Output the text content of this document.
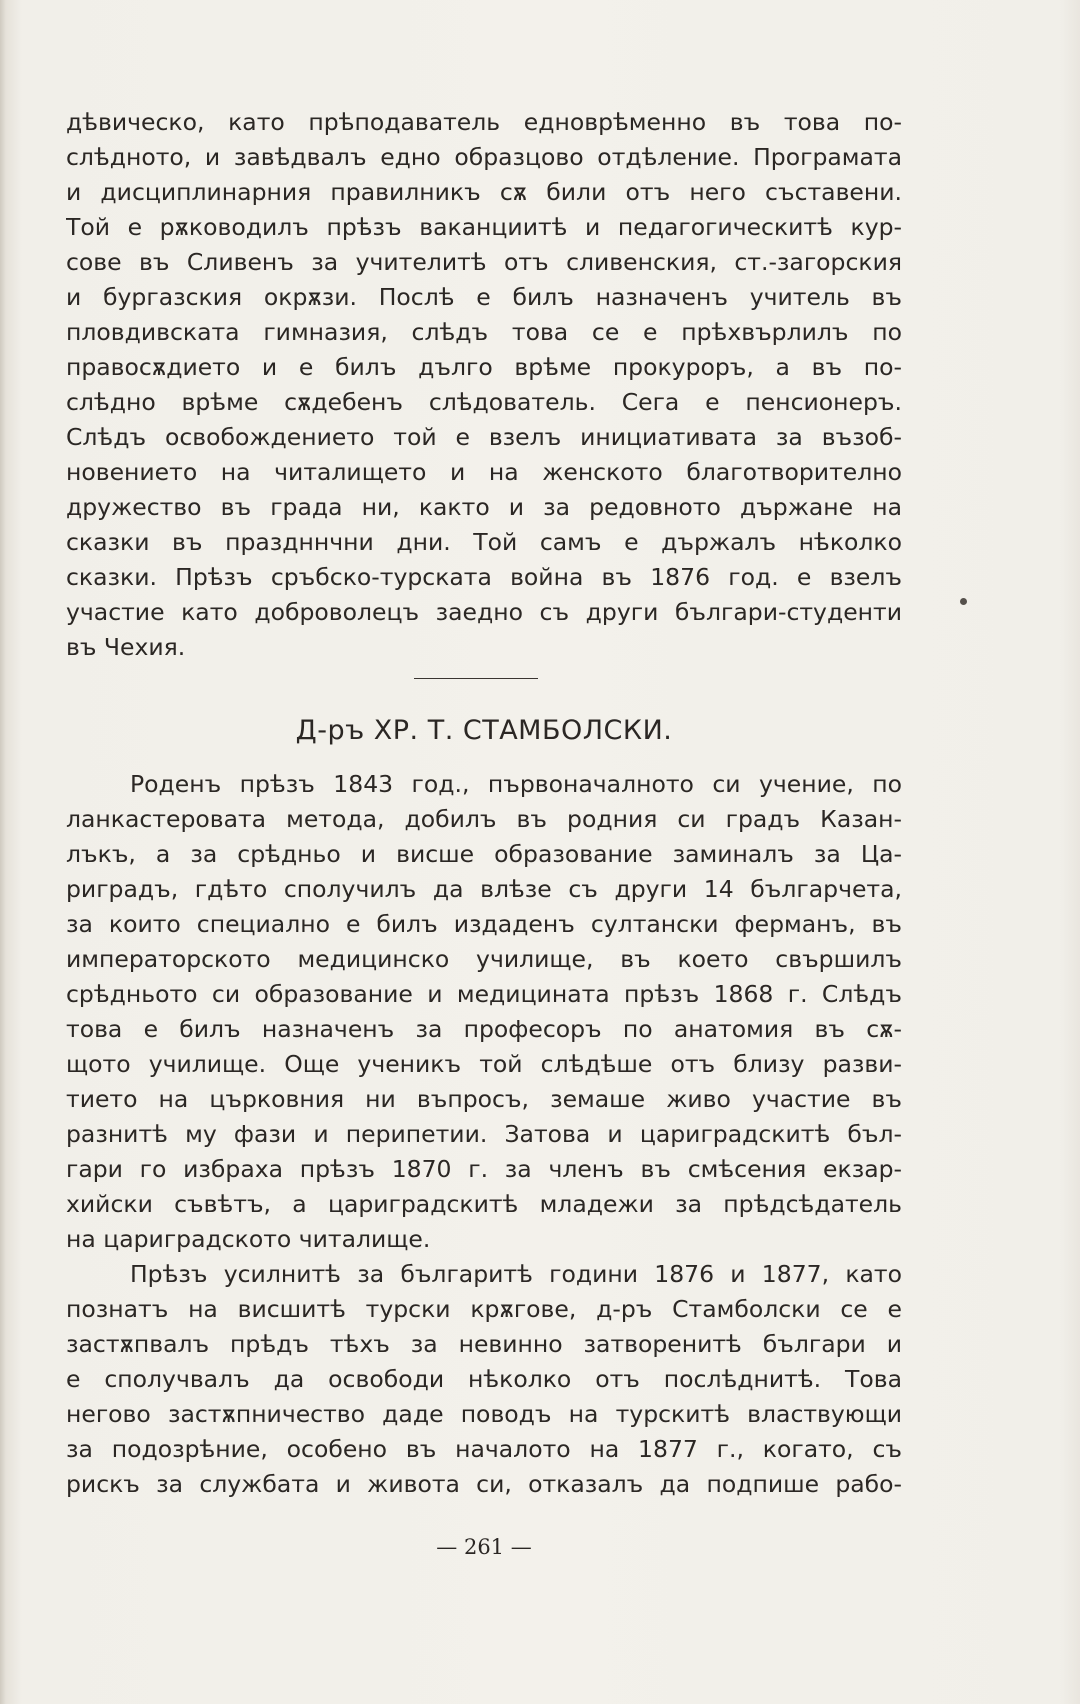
дѣвическо, като прѣподаватель едноврѣменно въ това по-
слѣдното, и завѣдвалъ едно образцово отдѣление. Програмата
и дисциплинарния правилникъ сѫ били отъ него съставени.
Той е рѫководилъ прѣзъ ваканциитѣ и педагогическитѣ кур-
сове въ Сливенъ за учителитѣ отъ сливенския, ст.-загорския
и бургазския окрѫзи. Послѣ е билъ назначенъ учитель въ
пловдивската гимназия, слѣдъ това се е прѣхвърлилъ по
правосѫдието и е билъ дълго врѣме прокуроръ, а въ по-
слѣдно врѣме сѫдебенъ слѣдователь. Сега е пенсионеръ.
Слѣдъ освобождението той е взелъ инициативата за възоб-
новението на читалището и на женското благотворително
дружество въ града ни, както и за редовното държане на
сказки въ праздннчни дни. Той самъ е държалъ нѣколко
сказки. Прѣзъ сръбско-турската война въ 1876 год. е взелъ
участие като доброволецъ заедно съ други българи-студенти
въ Чехия.
Д-ръ ХР. Т. СТАМБОЛСКИ.
Роденъ прѣзъ 1843 год., първоначалното си учение, по
ланкастеровата метода, добилъ въ родния си градъ Казан-
лъкъ, а за срѣдньо и висше образование заминалъ за Ца-
риградъ, гдѣто сполучилъ да влѣзе съ други 14 българчета,
за които специално е билъ издаденъ султански ферманъ, въ
императорското медицинско училище, въ което свършилъ
срѣдньото си образование и медицината прѣзъ 1868 г. Слѣдъ
това е билъ назначенъ за професоръ по анатомия въ сѫ-
щото училище. Още ученикъ той слѣдѣше отъ близу разви-
тието на църковния ни въпросъ, земаше живо участие въ
разнитѣ му фази и перипетии. Затова и цариградскитѣ бъл-
гари го избраха прѣзъ 1870 г. за членъ въ смѣсения екзар-
хийски съвѣтъ, а цариградскитѣ младежи за прѣдсѣдатель
на цариградското читалище.
Прѣзъ усилнитѣ за българитѣ години 1876 и 1877, като
познатъ на висшитѣ турски крѫгове, д-ръ Стамболски се е
застѫпвалъ прѣдъ тѣхъ за невинно затворенитѣ българи и
е сполучвалъ да освободи нѣколко отъ послѣднитѣ. Това
негово застѫпничество даде поводъ на турскитѣ властвующи
за подозрѣние, особено въ началото на 1877 г., когато, съ
рискъ за службата и живота си, отказалъ да подпише рабо-
— 261 —
